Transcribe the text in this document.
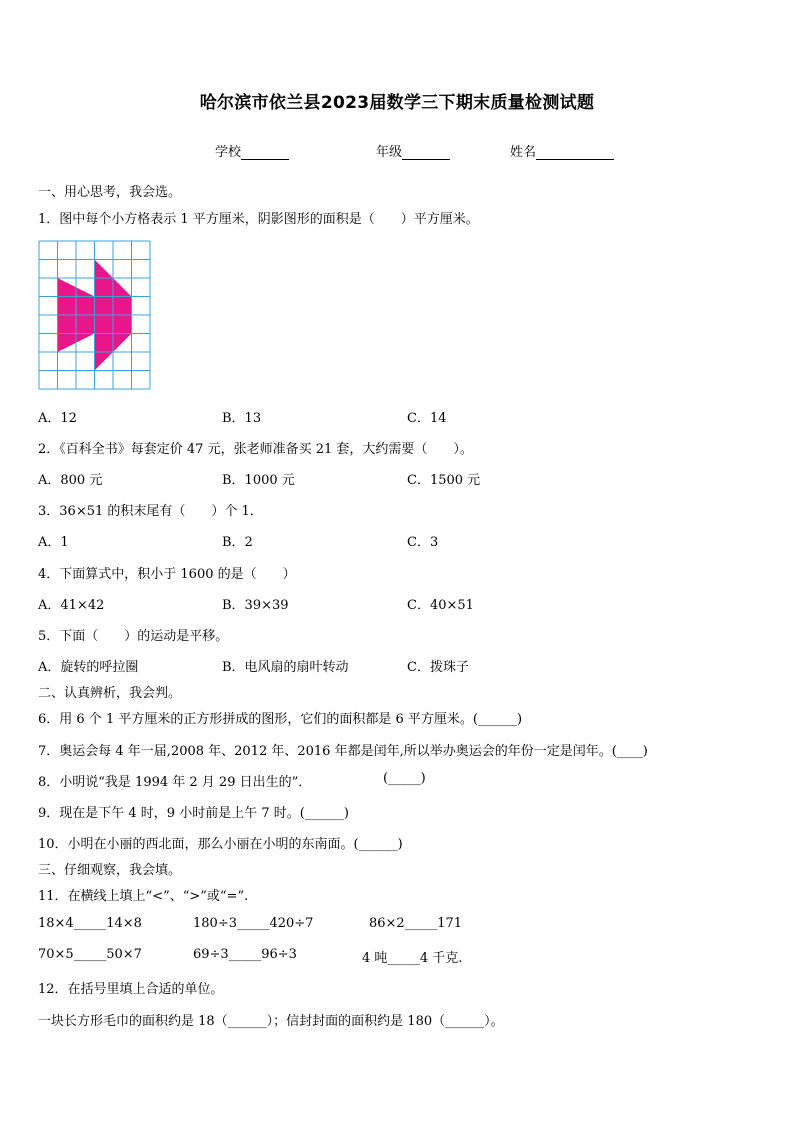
哈尔滨市依兰县2023届数学三下期末质量检测试题
学校	年级	姓名
一、用心思考，我会选。
1．图中每个小方格表示 1 平方厘米，阴影图形的面积是（　　）平方厘米。
A．12	B．13	C．14
2．《百科全书》每套定价 47 元，张老师准备买 21 套，大约需要（　　）。
A．800 元	B．1000 元	C．1500 元
3．36×51 的积末尾有（　　）个 1．
A．1	B．2	C．3
4．下面算式中，积小于 1600 的是（　　）
A．41×42	B．39×39	C．40×51
5．下面（　　）的运动是平移。
A．旋转的呼拉圈	B．电风扇的扇叶转动	C．拨珠子
二、认真辨析，我会判。
6．用 6 个 1 平方厘米的正方形拼成的图形，它们的面积都是 6 平方厘米。(______)
7．奥运会每 4 年一届,2008 年、2012 年、2016 年都是闰年,所以举办奥运会的年份一定是闰年。(____)
8．小明说“我是 1994 年 2 月 29 日出生的”．	(_____)
9．现在是下午 4 时，9 小时前是上午 7 时。(______)
10．小明在小丽的西北面，那么小丽在小明的东南面。(______)
三、仔细观察，我会填。
11．在横线上填上“<”、“>”或“=”.
18×4_____14×8	180÷3_____420÷7	86×2_____171
70×5_____50×7	69÷3_____96÷3	4 吨_____4 千克.
12．在括号里填上合适的单位。
一块长方形毛巾的面积约是 18（______）；信封封面的面积约是 180（______）。
